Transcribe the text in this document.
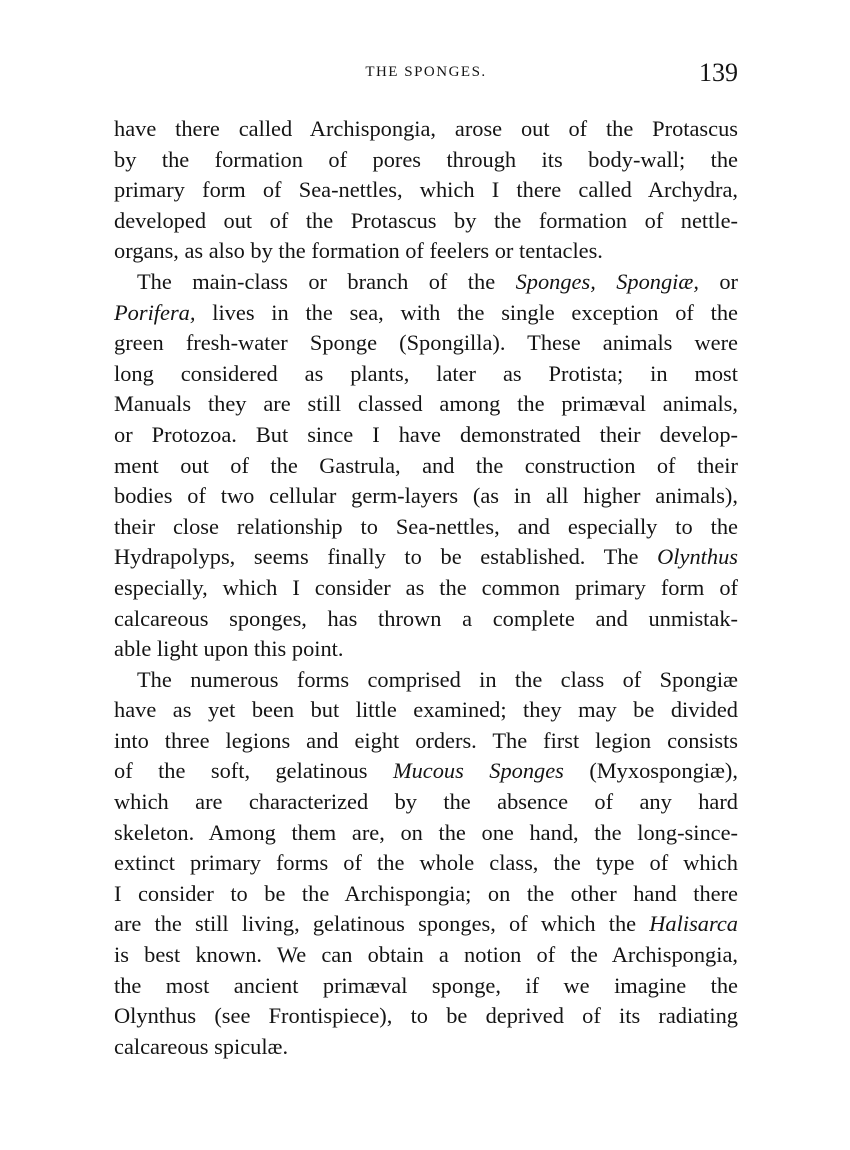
THE SPONGES.	139

have there called Archispongia, arose out of the Protascus
by the formation of pores through its body-wall; the
primary form of Sea-nettles, which I there called Archydra,
developed out of the Protascus by the formation of nettle-
organs, as also by the formation of feelers or tentacles.

The main-class or branch of the Sponges, Spongiæ, or
Porifera, lives in the sea, with the single exception of the
green fresh-water Sponge (Spongilla). These animals were
long considered as plants, later as Protista; in most
Manuals they are still classed among the primæval animals,
or Protozoa. But since I have demonstrated their develop-
ment out of the Gastrula, and the construction of their
bodies of two cellular germ-layers (as in all higher animals),
their close relationship to Sea-nettles, and especially to the
Hydrapolyps, seems finally to be established. The Olynthus
especially, which I consider as the common primary form of
calcareous sponges, has thrown a complete and unmistak-
able light upon this point.

The numerous forms comprised in the class of Spongiæ
have as yet been but little examined; they may be divided
into three legions and eight orders. The first legion consists
of the soft, gelatinous Mucous Sponges (Myxospongiæ),
which are characterized by the absence of any hard
skeleton. Among them are, on the one hand, the long-since-
extinct primary forms of the whole class, the type of which
I consider to be the Archispongia; on the other hand there
are the still living, gelatinous sponges, of which the Halisarca
is best known. We can obtain a notion of the Archispongia,
the most ancient primæval sponge, if we imagine the
Olynthus (see Frontispiece), to be deprived of its radiating
calcareous spiculæ.
